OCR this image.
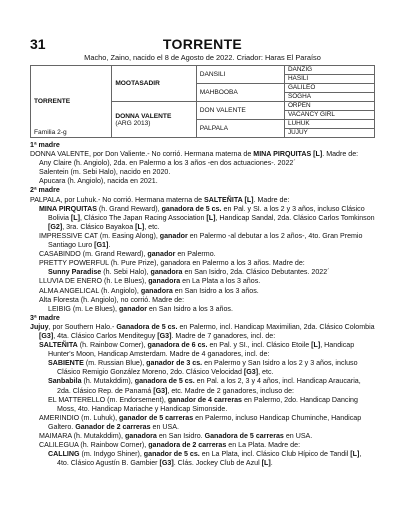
31	TORRENTE
Macho, Zaino, nacido el 8 de Agosto de 2022. Criador: Haras El Paraíso
TORRENTE
Familia 2-g	MOOTASADIR	DANSILI	DANZIG
			HASILI
		MAHBOOBA	GALILEO
			SOGHA

	DONNA VALENTE
(ARG 2013)	DON VALENTE	ORPEN
			VACANCY GIRL
		PALPALA	LUHUK
			JUJUY

1ª madre

DONNA VALENTE, por Don Valiente.- No corrió. Hermana materna de MINA PIRQUITAS [L]. Madre de:

Any Claire (h. Angiolo), 2da. en Palermo a los 3 años -en dos actuaciones-. 2022´

Salentein (m. Sebi Halo), nacido en 2020.

Apucara (h. Angiolo), nacida en 2021.

2ª madre

PALPALA, por Luhuk.- No corrió. Hermana materna de SALTEÑITA [L]. Madre de:

MINA PIRQUITAS (h. Grand Reward), ganadora de 5 cs. en Pal. y SI. a los 2 y 3 años, incluso Clásico Bolivia [L], Clásico The Japan Racing Association [L], Handicap Sandal, 2da. Clásico Carlos Tomkinson [G2], 3ra. Clásico Bayakoa [L], etc.

IMPRESSIVE CAT (m. Easing Along), ganador en Palermo -al debutar a los 2 años-, 4to. Gran Premio Santiago Luro [G1].

CASABINDO (m. Grand Reward), ganador en Palermo.

PRETTY POWERFUL (h. Pure Prize), ganadora en Palermo a los 3 años. Madre de:

Sunny Paradise (h. Sebi Halo), ganadora en San Isidro, 2da. Clásico Debutantes. 2022´

LLUVIA DE ENERO (h. Le Blues), ganadora en La Plata a los 3 años.

ALMA ANGELICAL (h. Angiolo), ganadora en San Isidro a los 3 años.

Alta Floresta (h. Angiolo), no corrió. Madre de:

LEIBIG (m. Le Blues), ganador en San Isidro a los 3 años.

3ª madre

Jujuy, por Southern Halo.- Ganadora de 5 cs. en Palermo, incl. Handicap Maximilian, 2da. Clásico Colombia [G3], 4ta. Clásico Carlos Menditeguy [G3]. Madre de 7 ganadores, incl. de:

SALTEÑITA (h. Rainbow Corner), ganadora de 6 cs. en Pal. y SI., incl. Clásico Etoile [L], Handicap Hunter's Moon, Handicap Amsterdam. Madre de 4 ganadores, incl. de:

SABIENTE (m. Russian Blue), ganador de 3 cs. en Palermo y San Isidro a los 2 y 3 años, incluso Clásico Remigio González Moreno, 2do. Clásico Velocidad [G3], etc.

Sanbabila (h. Mutakddim), ganadora de 5 cs. en Pal. a los 2, 3 y 4 años, incl. Handicap Araucaria, 2da. Clásico Rep. de Panamá [G3], etc. Madre de 2 ganadores, incluso de:

EL MATTERELLO (m. Endorsement), ganador de 4 carreras en Palermo, 2do. Handicap Dancing Moss, 4to. Handicap Mariache y Handicap Simonside.

AMERINDIO (m. Luhuk), ganador de 5 carreras en Palermo, incluso Handicap Chuminche, Handicap Galtero. Ganador de 2 carreras en USA.

MAIMARA (h. Mutakddim), ganadora en San Isidro. Ganadora de 5 carreras en USA.

CALILEGUA (h. Rainbow Corner), ganadora de 2 carreras en La Plata. Madre de:

CALLING (m. Indygo Shiner), ganador de 5 cs. en La Plata, incl. Clásico Club Hípico de Tandil [L], 4to. Clásico Agustín B. Gambier [G3]. Clás. Jockey Club de Azul [L].
